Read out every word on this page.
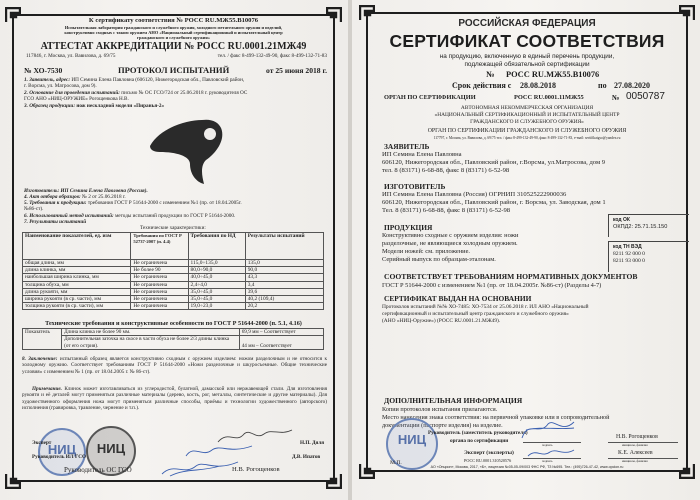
К сертификату соответствия № РОСС RU.МЖ55.В10076
Испытательная лаборатория гражданского и служебного оружия, холодного метательного оружия и изделий,
конструктивно сходных с таким оружием АНО «Национальный сертификационный и испытательный центр
гражданского и служебного оружия»
АТТЕСТАТ АККРЕДИТАЦИИ № РОСС RU.0001.21МЖ49
117846, г. Москва, ул. Вавилова, д. 69/75	тел. / факс 8-499-132-49-90, факс 8-499-132-71-83
№ ХО-7530	ПРОТОКОЛ ИСПЫТАНИЙ	от 25 июня 2018 г.
1. Заявитель, адрес: ИП Семина Елена Павловна (606120, Нижегородская обл., Павловский район,
г. Ворсма, ул. Матросова, дом 9).
2. Основание для проведения испытаний: письмо № ОС ГСО/724 от 25.06.2018 г. руководителя ОС
ГСО АНО «НИЦ-ОРУЖИЕ» Рогощенкова Н.В.
3. Образец продукции: нож нескладной модели «Пиранья-2»
Изготовитель: ИП Семина Елена Павловна (Россия).
4. Акт отбора образцов: № 2 от 25.06.2018 г.
5. Требования к продукции: требования ГОСТ Р 51644-2000 с изменением №1 (пр. от 18.04.2005г.
№86-ст).
6. Использованный метод испытаний: методы испытаний продукции по ГОСТ Р 51644-2000.
7. Результаты испытаний
Технические характеристики:
Наименование показателей, ед. изм	Требования по ГОСТ Р 52737-2007 (п. 4.4)	Требования по НД	Результаты испытаний
общая длина, мм	Не ограничена	115,0÷135,0	135,0
длина клинка, мм	Не более 90	80,0÷90,0	90,0
наибольшая ширина клинка, мм	Не ограничена	40,0÷45,0	43,3
толщина обуха, мм	Не ограничена	2,4÷4,0	3,4
длина рукояти, мм	Не ограничена	35,0÷45,0	39,6
ширина рукояти (в ср. части), мм	Не ограничена	35,0÷45,0	40,2 (109,4)
толщина рукояти (в ср. части), мм	Не ограничена	19,0÷23,0	20,2
Технические требования и конструктивные особенности по ГОСТ Р 51644-2000 (п. 5.1, 4.16)
Показатель	Длина клинка не более 90 мм.	69,9 мм – Соответствует
	Дополнительная заточка на скосе в части обуха не более 2/3 длины клинка (от его острия).	44 мм – Соответствует
8. Заключение: испытанный образец является конструктивно сходным с оружием изделием: ножом разделочным и не относится к холодному оружию. Соответствует требованиям ГОСТ Р 51644-2000 «Ножи разделочные и шкуросъемные. Общие технические условия» с изменением № 1 (пр. от 18.04.2005 г. № 86-ст).
Примечание. Клинок может изготавливаться из углеродистой, булатной, дамасской или нержавеющей стали. Для изготовления рукояти и её деталей могут применяться различные материалы (дерево, кость, рог, металлы, синтетические и другие материалы). Для художественного оформления ножа могут применяться различные способы, приёмы и технологии художественного (авторского) исполнения (гравировка, травление, чернение и т.п.).
НИЦ	НИЦ
Эксперт	Н.П. Дяля
Руководитель ИЛ ГСО	Д.В. Ипатов
Руководитель ОС ГСО	Н.В. Рогощенков
РОССИЙСКАЯ ФЕДЕРАЦИЯ
СЕРТИФИКАТ СООТВЕТСТВИЯ
на продукцию, включенную в единый перечень продукции,
подлежащей обязательной сертификации
№ РОСС RU.МЖ55.В10076
Срок действия с 28.08.2018	по 27.08.2020
ОРГАН ПО СЕРТИФИКАЦИИ	РОСС RU.0001.11МЖ55	№ 0050787
АВТОНОМНАЯ НЕКОММЕРЧЕСКАЯ ОРГАНИЗАЦИЯ
«НАЦИОНАЛЬНЫЙ СЕРТИФИКАЦИОННЫЙ И ИСПЫТАТЕЛЬНЫЙ ЦЕНТР
ГРАЖДАНСКОГО И СЛУЖЕБНОГО ОРУЖИЯ»
ОРГАН ПО СЕРТИФИКАЦИИ ГРАЖДАНСКОГО И СЛУЖЕБНОГО ОРУЖИЯ
117797, г. Москва, ул. Вавилова, д. 69/75 тел. / факс 8-499-132-49-90, факс 8-499-132-71-83, e-mail: sertifikatgso@yandex.ru
ЗАЯВИТЕЛЬ
ИП Семина Елена Павловна
606120, Нижегородская обл., Павловский район, г.Ворсма, ул.Матросова, дом 9
тел. 8 (83171) 6-68-88, факс 8 (83171) 6-52-98
ИЗГОТОВИТЕЛЬ
ИП Семина Елена Павловна (Россия) ОГРНИП 310525222900036
606120, Нижегородская обл., Павловский район, г. Ворсма, ул. Заводская, дом 1
Тел. 8 (83171) 6-68-88, факс 8 (83171) 6-52-98
код ОК
ОКПД2: 25.71.15.150
ПРОДУКЦИЯ
Конструктивно сходные с оружием изделия: ножи
разделочные, не являющиеся холодным оружием.
Модели ножей: см. приложение.
Серийный выпуск по образцам-эталонам.
код ТН ВЭД
8211 92 000 0
8211 93 000 0
СООТВЕТСТВУЕТ ТРЕБОВАНИЯМ НОРМАТИВНЫХ ДОКУМЕНТОВ
ГОСТ Р 51644-2000 с изменением №1 (пр. от 18.04.2005г. №86-ст) (Разделы 4-7)
СЕРТИФИКАТ ВЫДАН НА ОСНОВАНИИ
Протоколов испытаний №№ ХО-7485: ХО-7534 от 25.06.2018 г. ИЛ АНО «Национальный
сертификационный и испытательный центр гражданского и служебного оружия»
(АНО «НИЦ-Оружие») (РОСС RU.0001.21.МЖ49).
ДОПОЛНИТЕЛЬНАЯ ИНФОРМАЦИЯ
Копии протоколов испытания прилагаются.
Место нанесения знака соответствия: на первичной упаковке или в сопроводительной
документации (паспорте изделия) на изделие.
НИЦ
М.П.
Руководитель (заместитель руководителя)
органа по сертификации
подпись
Н.В. Рогощенков
инициалы, фамилия
Эксперт (эксперты)
РОСС RU.0001.310520576	подпись
К.Е. Алексеев
инициалы, фамилия
АО «Опцион», Москва, 2017, «Б», лицензия №05-05-09/003 ФНС РФ, ТЗ №695. Тел.: (495)726-47-42, www.opcion.ru
